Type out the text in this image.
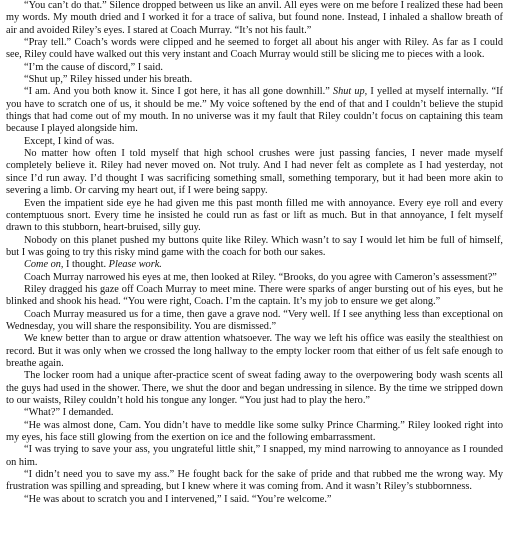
“You can’t do that.” Silence dropped between us like an anvil. All eyes were on me before I realized these had been my words. My mouth dried and I worked it for a trace of saliva, but found none. Instead, I inhaled a shallow breath of air and avoided Riley’s eyes. I stared at Coach Murray. “It’s not his fault.”

“Pray tell.” Coach’s words were clipped and he seemed to forget all about his anger with Riley. As far as I could see, Riley could have walked out this very instant and Coach Murray would still be slicing me to pieces with a look.

“I’m the cause of discord,” I said.

“Shut up,” Riley hissed under his breath.

“I am. And you both know it. Since I got here, it has all gone downhill.” Shut up, I yelled at myself internally. “If you have to scratch one of us, it should be me.” My voice softened by the end of that and I couldn’t believe the stupid things that had come out of my mouth. In no universe was it my fault that Riley couldn’t focus on captaining this team because I played alongside him.

Except, I kind of was.

No matter how often I told myself that high school crushes were just passing fancies, I never made myself completely believe it. Riley had never moved on. Not truly. And I had never felt as complete as I had yesterday, not since I’d run away. I’d thought I was sacrificing something small, something temporary, but it had been more akin to severing a limb. Or carving my heart out, if I were being sappy.

Even the impatient side eye he had given me this past month filled me with annoyance. Every eye roll and every contemptuous snort. Every time he insisted he could run as fast or lift as much. But in that annoyance, I felt myself drawn to this stubborn, heart-bruised, silly guy.

Nobody on this planet pushed my buttons quite like Riley. Which wasn’t to say I would let him be full of himself, but I was going to try this risky mind game with the coach for both our sakes.

Come on, I thought. Please work.

Coach Murray narrowed his eyes at me, then looked at Riley. “Brooks, do you agree with Cameron’s assessment?”

Riley dragged his gaze off Coach Murray to meet mine. There were sparks of anger bursting out of his eyes, but he blinked and shook his head. “You were right, Coach. I’m the captain. It’s my job to ensure we get along.”

Coach Murray measured us for a time, then gave a grave nod. “Very well. If I see anything less than exceptional on Wednesday, you will share the responsibility. You are dismissed.”

We knew better than to argue or draw attention whatsoever. The way we left his office was easily the stealthiest on record. But it was only when we crossed the long hallway to the empty locker room that either of us felt safe enough to breathe again.

The locker room had a unique after-practice scent of sweat fading away to the overpowering body wash scents all the guys had used in the shower. There, we shut the door and began undressing in silence. By the time we stripped down to our waists, Riley couldn’t hold his tongue any longer. “You just had to play the hero.”

“What?” I demanded.

“He was almost done, Cam. You didn’t have to meddle like some sulky Prince Charming.” Riley looked right into my eyes, his face still glowing from the exertion on ice and the following embarrassment.

“I was trying to save your ass, you ungrateful little shit,” I snapped, my mind narrowing to annoyance as I rounded on him.

“I didn’t need you to save my ass.” He fought back for the sake of pride and that rubbed me the wrong way. My frustration was spilling and spreading, but I knew where it was coming from. And it wasn’t Riley’s stubbornness.

“He was about to scratch you and I intervened,” I said. “You’re welcome.”
